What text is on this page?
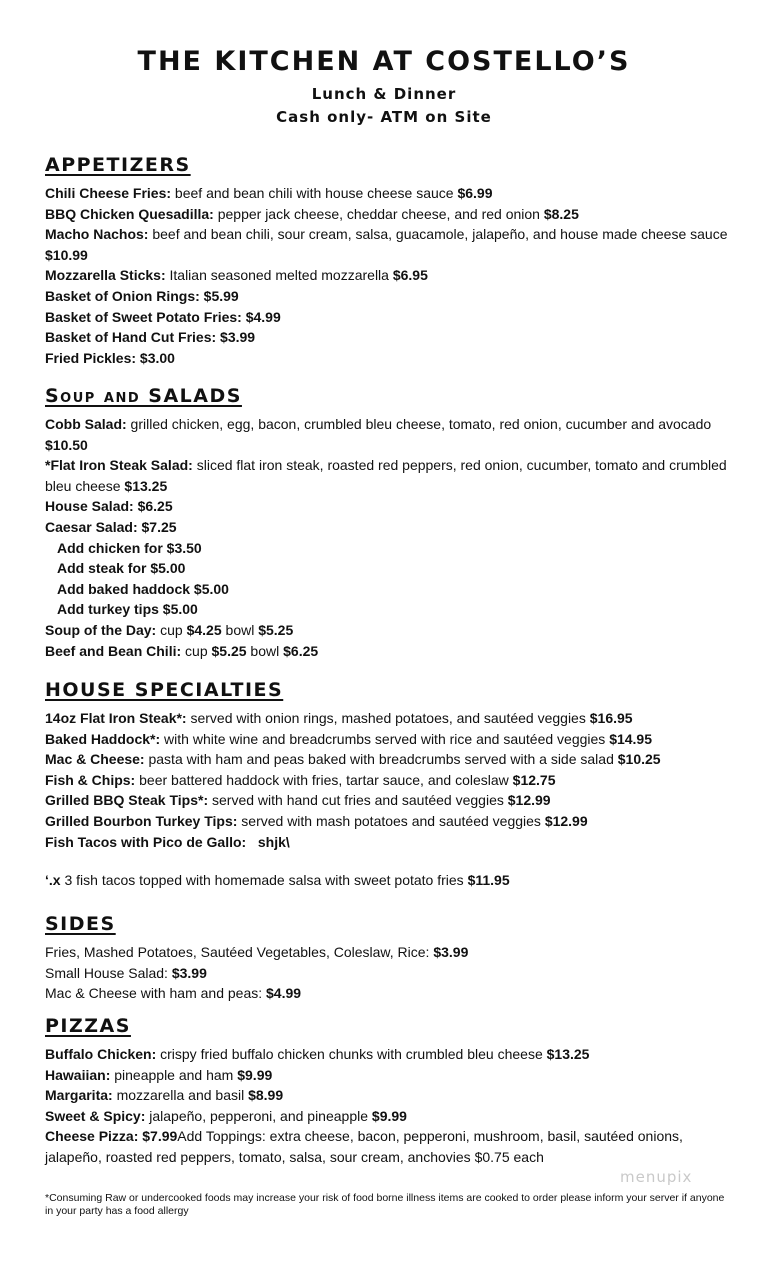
THE KITCHEN AT COSTELLO’S
Lunch & Dinner
Cash only- ATM on Site
APPETIZERS

Chili Cheese Fries: beef and bean chili with house cheese sauce $6.99

BBQ Chicken Quesadilla: pepper jack cheese, cheddar cheese, and red onion $8.25

Macho Nachos: beef and bean chili, sour cream, salsa, guacamole, jalapeño, and house made cheese sauce $10.99

Mozzarella Sticks: Italian seasoned melted mozzarella $6.95

Basket of Onion Rings: $5.99

Basket of Sweet Potato Fries: $4.99

Basket of Hand Cut Fries: $3.99

Fried Pickles: $3.00

Soup and SALADS

Cobb Salad: grilled chicken, egg, bacon, crumbled bleu cheese, tomato, red onion, cucumber and avocado $10.50

*Flat Iron Steak Salad: sliced flat iron steak, roasted red peppers, red onion, cucumber, tomato and crumbled bleu cheese $13.25

House Salad: $6.25

Caesar Salad: $7.25

Add chicken for $3.50

Add steak for $5.00

Add baked haddock $5.00

Add turkey tips $5.00

Soup of the Day: cup $4.25 bowl $5.25

Beef and Bean Chili: cup $5.25 bowl $6.25

HOUSE SPECIALTIES

14oz Flat Iron Steak*: served with onion rings, mashed potatoes, and sautéed veggies $16.95

Baked Haddock*: with white wine and breadcrumbs served with rice and sautéed veggies $14.95

Mac & Cheese: pasta with ham and peas baked with breadcrumbs served with a side salad $10.25

Fish & Chips: beer battered haddock with fries, tartar sauce, and coleslaw $12.75

Grilled BBQ Steak Tips*: served with hand cut fries and sautéed veggies $12.99

Grilled Bourbon Turkey Tips: served with mash potatoes and sautéed veggies $12.99

Fish Tacos with Pico de Gallo:   shjk\

‘.x 3 fish tacos topped with homemade salsa with sweet potato fries $11.95

SIDES

Fries, Mashed Potatoes, Sautéed Vegetables, Coleslaw, Rice: $3.99

Small House Salad: $3.99

Mac & Cheese with ham and peas: $4.99

PIZZAS

Buffalo Chicken: crispy fried buffalo chicken chunks with crumbled bleu cheese $13.25

Hawaiian: pineapple and ham $9.99

Margarita: mozzarella and basil $8.99

Sweet & Spicy: jalapeño, pepperoni, and pineapple $9.99

Cheese Pizza: $7.99Add Toppings: extra cheese, bacon, pepperoni, mushroom, basil, sautéed onions, jalapeño, roasted red peppers, tomato, salsa, sour cream, anchovies $0.75 each

menupix
*Consuming Raw or undercooked foods may increase your risk of food borne illness items are cooked to order please inform your server if anyone in your party has a food allergy
